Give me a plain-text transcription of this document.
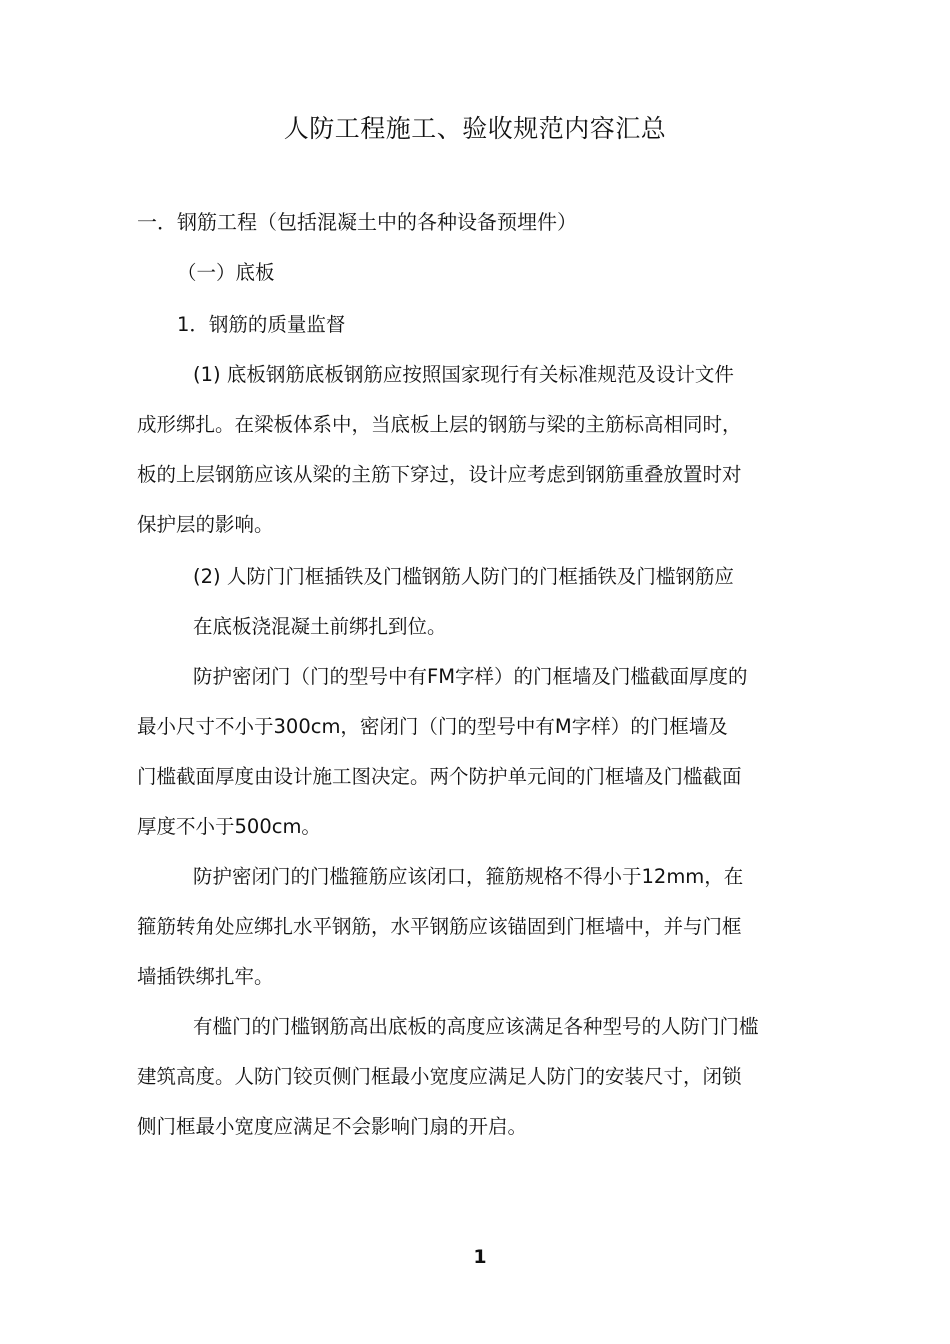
人防工程施工、验收规范内容汇总
一．钢筋工程（包括混凝土中的各种设备预埋件）
（一）底板
1．钢筋的质量监督
(1) 底板钢筋底板钢筋应按照国家现行有关标准规范及设计文件
成形绑扎。在梁板体系中，当底板上层的钢筋与梁的主筋标高相同时，
板的上层钢筋应该从梁的主筋下穿过，设计应考虑到钢筋重叠放置时对
保护层的影响。
(2) 人防门门框插铁及门槛钢筋人防门的门框插铁及门槛钢筋应
在底板浇混凝土前绑扎到位。
防护密闭门（门的型号中有FM字样）的门框墙及门槛截面厚度的
最小尺寸不小于300cm，密闭门（门的型号中有M字样）的门框墙及
门槛截面厚度由设计施工图决定。两个防护单元间的门框墙及门槛截面
厚度不小于500cm。
防护密闭门的门槛箍筋应该闭口，箍筋规格不得小于12mm，在
箍筋转角处应绑扎水平钢筋，水平钢筋应该锚固到门框墙中，并与门框
墙插铁绑扎牢。
有槛门的门槛钢筋高出底板的高度应该满足各种型号的人防门门槛
建筑高度。人防门铰页侧门框最小宽度应满足人防门的安装尺寸，闭锁
侧门框最小宽度应满足不会影响门扇的开启。
1
